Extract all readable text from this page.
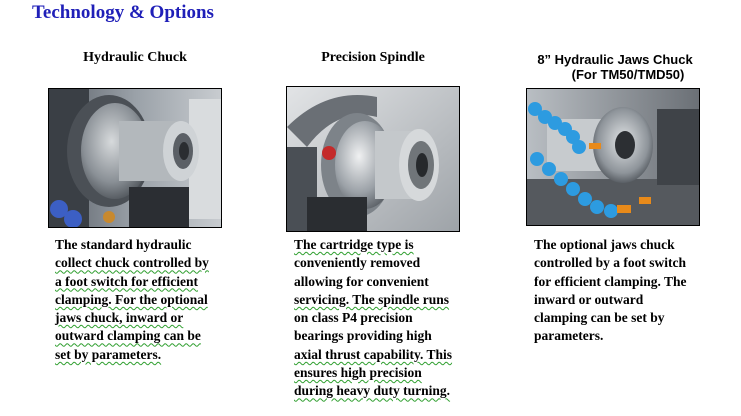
Technology & Options
Hydraulic Chuck

The standard hydraulic
collect chuck controlled by
a foot switch for efficient
clamping. For the optional
jaws chuck, inward or
outward clamping can be
set by parameters.

Precision Spindle

The cartridge type is
conveniently removed
allowing for convenient
servicing. The spindle runs
on class P4 precision
bearings providing high
axial thrust capability. This
ensures high precision
during heavy duty turning.

8” Hydraulic Jaws Chuck
(For TM50/TMD50)

The optional jaws chuck
controlled by a foot switch
for efficient clamping. The
inward or outward
clamping can be set by
parameters.
